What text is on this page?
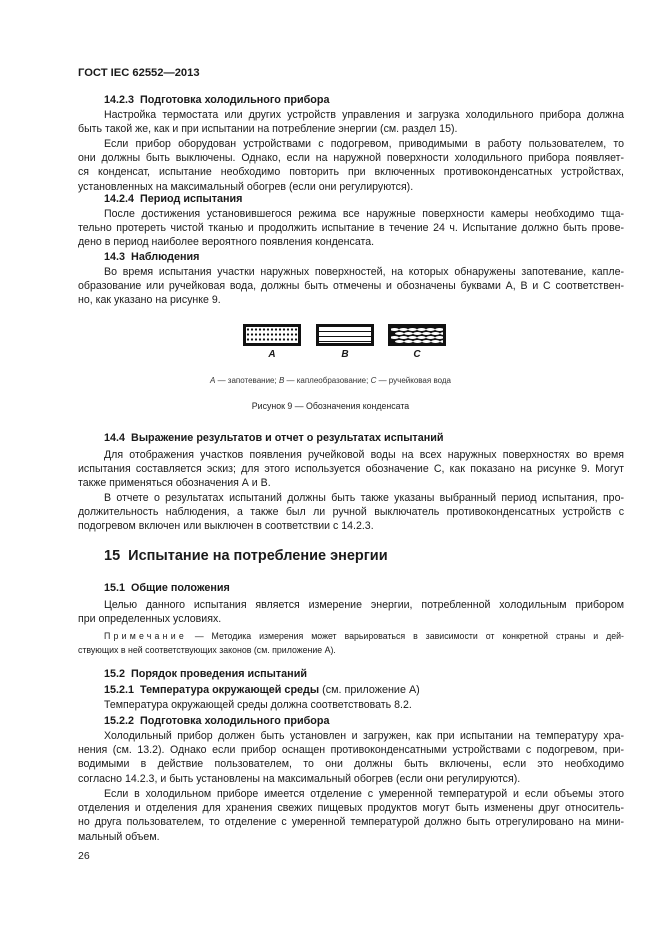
ГОСТ IEC 62552—2013
14.2.3 Подготовка холодильного прибора
Настройка термостата или других устройств управления и загрузка холодильного прибора должна
быть такой же, как и при испытании на потребление энергии (см. раздел 15).
Если прибор оборудован устройствами с подогревом, приводимыми в работу пользователем, то
они должны быть выключены. Однако, если на наружной поверхности холодильного прибора появляет-
ся конденсат, испытание необходимо повторить при включенных противоконденсатных устройствах,
установленных на максимальный обогрев (если они регулируются).
14.2.4 Период испытания
После достижения установившегося режима все наружные поверхности камеры необходимо тща-
тельно протереть чистой тканью и продолжить испытание в течение 24 ч. Испытание должно быть прове-
дено в период наиболее вероятного появления конденсата.
14.3 Наблюдения
Во время испытания участки наружных поверхностей, на которых обнаружены запотевание, капле-
образование или ручейковая вода, должны быть отмечены и обозначены буквами А, В и С соответствен-
но, как указано на рисунке 9.
14.4 Выражение результатов и отчет о результатах испытаний
Для отображения участков появления ручейковой воды на всех наружных поверхностях во время
испытания составляется эскиз; для этого используется обозначение С, как показано на рисунке 9. Могут
также применяться обозначения А и В.
В отчете о результатах испытаний должны быть также указаны выбранный период испытания, про-
должительность наблюдения, а также был ли ручной выключатель противоконденсатных устройств с
подогревом включен или выключен в соответствии с 14.2.3.
15 Испытание на потребление энергии
15.1 Общие положения
Целью данного испытания является измерение энергии, потребленной холодильным прибором
при определенных условиях.
Примечание — Методика измерения может варьироваться в зависимости от конкретной страны и дей-
ствующих в ней соответствующих законов (см. приложение А).
15.2 Порядок проведения испытаний
15.2.1 Температура окружающей среды (см. приложение А)
Температура окружающей среды должна соответствовать 8.2.
15.2.2 Подготовка холодильного прибора
Холодильный прибор должен быть установлен и загружен, как при испытании на температуру хра-
нения (см. 13.2). Однако если прибор оснащен противоконденсатными устройствами с подогревом, при-
водимыми в действие пользователем, то они должны быть включены, если это необходимо
согласно 14.2.3, и быть установлены на максимальный обогрев (если они регулируются).
Если в холодильном приборе имеется отделение с умеренной температурой и если объемы этого
отделения и отделения для хранения свежих пищевых продуктов могут быть изменены друг относитель-
но друга пользователем, то отделение с умеренной температурой должно быть отрегулировано на мини-
мальный объем.
A	B	C
A — запотевание; B — каплеобразование; C — ручейковая вода
Рисунок 9 — Обозначения конденсата
26
